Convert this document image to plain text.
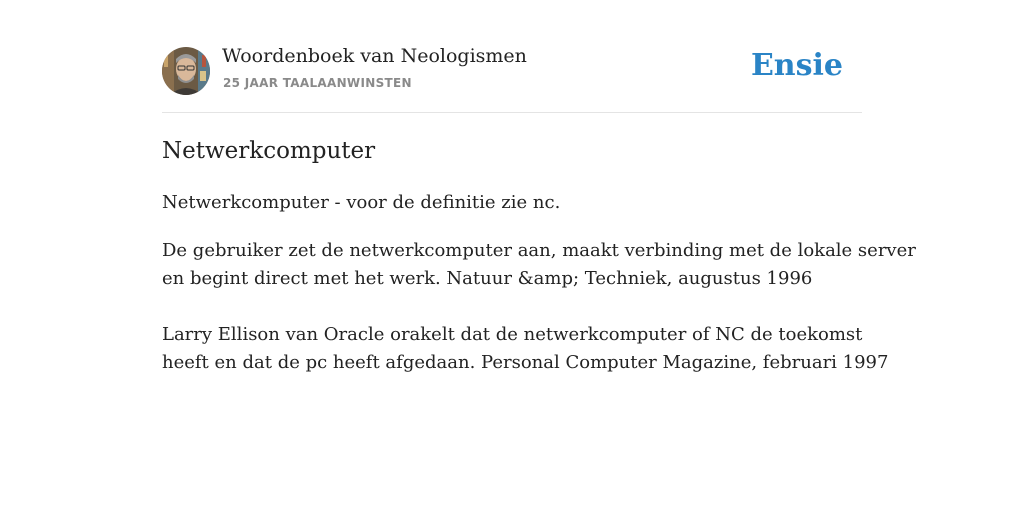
Woordenboek van Neologismen
25 JAAR TAALAANWINSTEN	Ensie
Netwerkcomputer

Netwerkcomputer - voor de definitie zie nc.

De gebruiker zet de netwerkcomputer aan, maakt verbinding met de lokale server
en begint direct met het werk. Natuur &amp; Techniek, augustus 1996

Larry Ellison van Oracle orakelt dat de netwerkcomputer of NC de toekomst
heeft en dat de pc heeft afgedaan. Personal Computer Magazine, februari 1997
